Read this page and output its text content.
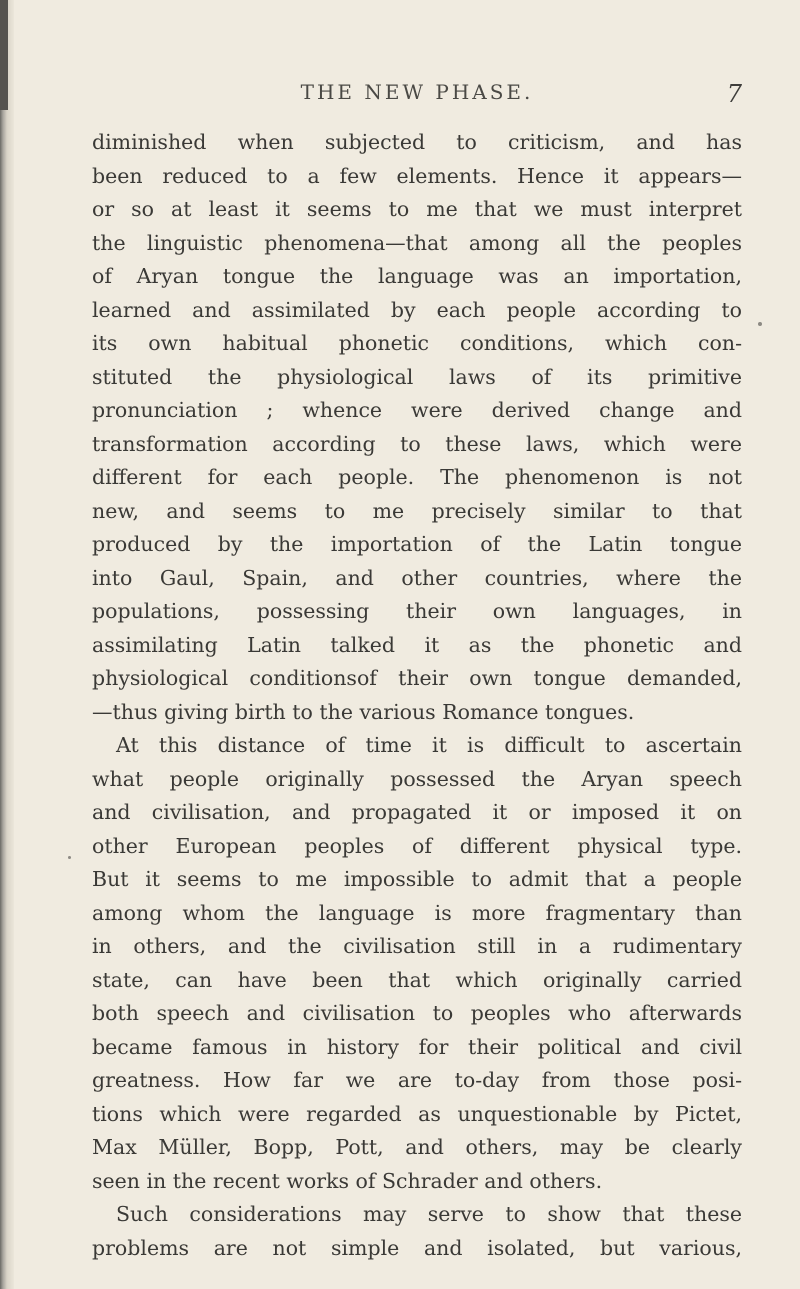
THE NEW PHASE.	7
diminished when subjected to criticism, and has
been reduced to a few elements. Hence it appears—
or so at least it seems to me that we must interpret
the linguistic phenomena—that among all the peoples
of Aryan tongue the language was an importation,
learned and assimilated by each people according to
its own habitual phonetic conditions, which con-
stituted the physiological laws of its primitive
pronunciation ; whence were derived change and
transformation according to these laws, which were
different for each people. The phenomenon is not
new, and seems to me precisely similar to that
produced by the importation of the Latin tongue
into Gaul, Spain, and other countries, where the
populations, possessing their own languages, in
assimilating Latin talked it as the phonetic and
physiological conditionsof their own tongue demanded,
—thus giving birth to the various Romance tongues.
At this distance of time it is difficult to ascertain
what people originally possessed the Aryan speech
and civilisation, and propagated it or imposed it on
other European peoples of different physical type.
But it seems to me impossible to admit that a people
among whom the language is more fragmentary than
in others, and the civilisation still in a rudimentary
state, can have been that which originally carried
both speech and civilisation to peoples who afterwards
became famous in history for their political and civil
greatness. How far we are to-day from those posi-
tions which were regarded as unquestionable by Pictet,
Max Müller, Bopp, Pott, and others, may be clearly
seen in the recent works of Schrader and others.
Such considerations may serve to show that these
problems are not simple and isolated, but various,
